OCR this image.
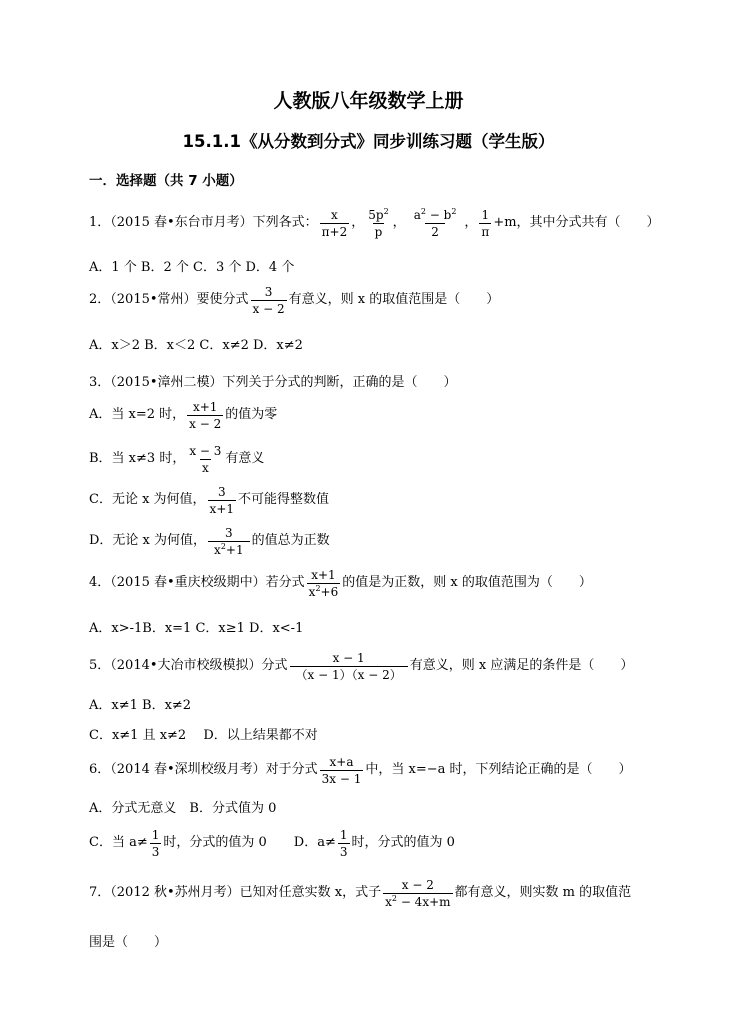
人教版八年级数学上册
15.1.1《从分数到分式》同步训练习题（学生版）
一．选择题（共 7 小题）
1．（2015 春•东台市月考）下列各式： $\frac{x}{\pi+2}$ ， $\frac{5p^2}{p}$ ， $\frac{a^2 - b^2}{2}$ ， $\frac{1}{\pi} +m$，其中分式共有（　　）
A．1 个 B．2 个 C．3 个 D．4 个
2．（2015•常州）要使分式 $\frac{3}{x - 2}$ 有意义，则 x 的取值范围是（　　）
A．x＞2 B．x＜2 C．x≠2 D．x≠2
3．（2015•漳州二模）下列关于分式的判断，正确的是（　　）
A．当 x=2 时， $\frac{x+1}{x - 2}$ 的值为零
B．当 x≠3 时， $\frac{x - 3}{x}$ 有意义
C．无论 x 为何值， $\frac{3}{x+1}$ 不可能得整数值
D．无论 x 为何值， $\frac{3}{x^2+1}$ 的值总为正数
4．（2015 春•重庆校级期中）若分式 $\frac{x+1}{x^2+6}$ 的值是为正数，则 x 的取值范围为（　　）
A．x>-1B．x=1 C．x≥1 D．x<-1
5．（2014•大冶市校级模拟）分式 $\frac{x - 1}{(x - 1)(x - 2)}$ 有意义，则 x 应满足的条件是（　　）
A．x≠1 B．x≠2
C．x≠1 且 x≠2　 D．以上结果都不对
6．（2014 春•深圳校级月考）对于分式 $\frac{x+a}{3x - 1}$ 中，当 x=−a 时，下列结论正确的是（　　）
A．分式无意义　B．分式值为 0
C．当 $a\ne \frac{1}{3}$ 时，分式的值为 0　 D．$a\ne \frac{1}{3}$ 时，分式的值为 0
7．（2012 秋•苏州月考）已知对任意实数 x，式子 $\frac{x - 2}{x^2 - 4x+m}$ 都有意义，则实数 m 的取值范
围是（　　）
